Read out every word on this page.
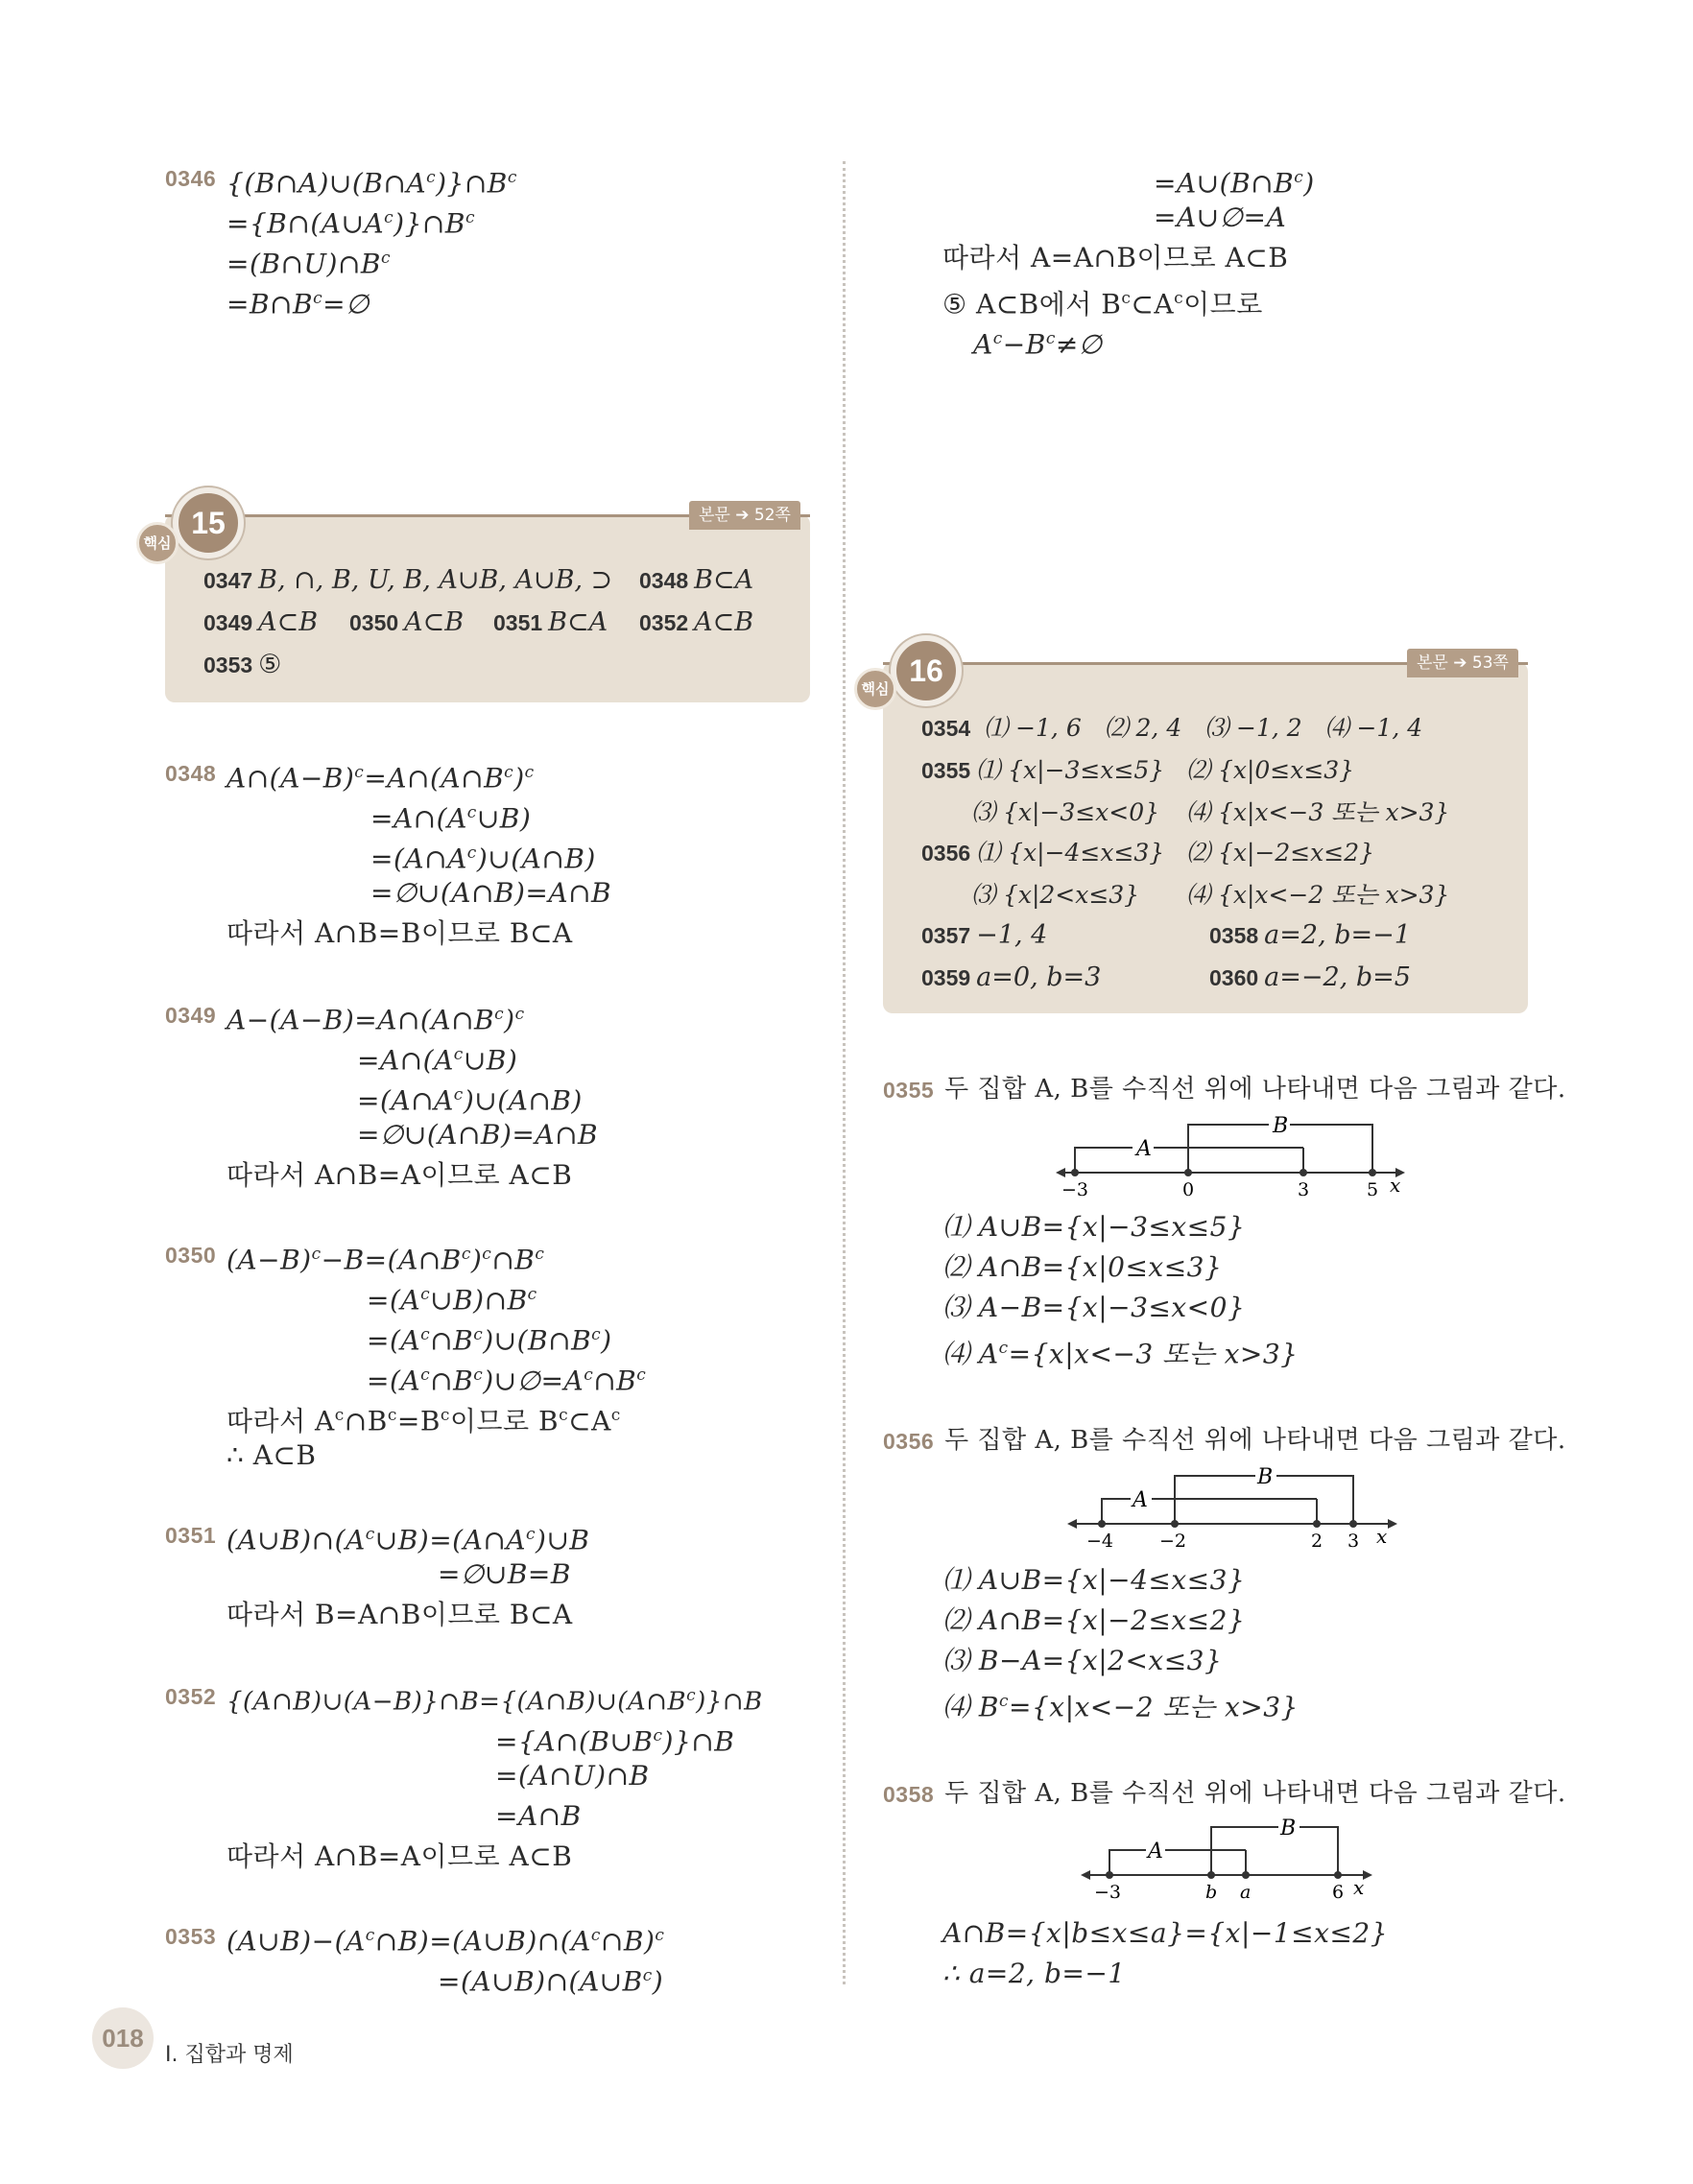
0346 $\{(B\cap A)\cup(B\cap A^c)\}\cap B^c$
$=\{B\cap(A\cup A^c)\}\cap B^c$
$=(B\cap U)\cap B^c$
$=B\cap B^c=\emptyset$
본문 ➔ 52쪽
15
핵심
0347 B, ∩, B, U, B, A∪B, A∪B, ⊃ 0348 B⊂A
0349 A⊂B 0350 A⊂B 0351 B⊂A 0352 A⊂B
0353 ⑤
0348 $A\cap(A-B)^c=A\cap(A\cap B^c)^c$
$=A\cap(A^c\cup B)$
$=(A\cap A^c)\cup(A\cap B)$
=∅∪(A∩B)=A∩B
따라서 A∩B=B이므로 B⊂A
0349 $A-(A-B)=A\cap(A\cap B^c)^c$
$=A\cap(A^c\cup B)$
$=(A\cap A^c)\cup(A\cap B)$
=∅∪(A∩B)=A∩B
따라서 A∩B=A이므로 A⊂B
0350 $(A-B)^c-B=(A\cap B^c)^c\cap B^c$
$=(A^c\cup B)\cap B^c$
$=(A^c\cap B^c)\cup(B\cap B^c)$
$=(A^c\cap B^c)\cup\emptyset=A^c\cap B^c$
따라서 $A^c\cap B^c=B^c$이므로 $B^c\subset A^c$
∴ A⊂B
0351 $(A\cup B)\cap(A^c\cup B)=(A\cap A^c)\cup B$
=∅∪B=B
따라서 B=A∩B이므로 B⊂A
0352 $\{(A\cap B)\cup(A-B)\}\cap B=\{(A\cap B)\cup(A\cap B^c)\}\cap B$
$=\{A\cap(B\cup B^c)\}\cap B$
=(A∩U)∩B
=A∩B
따라서 A∩B=A이므로 A⊂B
0353 $(A\cup B)-(A^c\cap B)=(A\cup B)\cap(A^c\cap B)^c$
$=(A\cup B)\cap(A\cup B^c)$
$=A\cup(B\cap B^c)$
=A∪∅=A
따라서 A=A∩B이므로 A⊂B
⑤ A⊂B에서 $B^c\subset A^c$이므로
$A^c-B^c\ne\emptyset$
본문 ➔ 53쪽
16
핵심
0354 ⑴ −1, 6 ⑵ 2, 4 ⑶ −1, 2 ⑷ −1, 4
0355 ⑴ {x|−3≤x≤5} ⑵ {x|0≤x≤3}
⑶ {x|−3≤x<0} ⑷ {x|x<−3 또는 x>3}
0356 ⑴ {x|−4≤x≤3} ⑵ {x|−2≤x≤2}
⑶ {x|2<x≤3} ⑷ {x|x<−2 또는 x>3}
0357 −1, 4	0358 a=2, b=−1
0359 a=0, b=3	0360 a=−2, b=5
0355 두 집합 A, B를 수직선 위에 나타내면 다음 그림과 같다.
A
B
−3	0	3	5 x
⑴ A∪B={x|−3≤x≤5}
⑵ A∩B={x|0≤x≤3}
⑶ A−B={x|−3≤x<0}
⑷ $A^c=\{x|x<-3$ 또는 x>3}
0356 두 집합 A, B를 수직선 위에 나타내면 다음 그림과 같다.
A
B
−4	−2	2 3 x
⑴ A∪B={x|−4≤x≤3}
⑵ A∩B={x|−2≤x≤2}
⑶ B−A={x|2<x≤3}
⑷ $B^c=\{x|x<-2$ 또는 x>3}
0358 두 집합 A, B를 수직선 위에 나타내면 다음 그림과 같다.
A
B
−3	b a	6 x
A∩B={x|b≤x≤a}={x|−1≤x≤2}
∴ a=2, b=−1
018
Ⅰ. 집합과 명제
